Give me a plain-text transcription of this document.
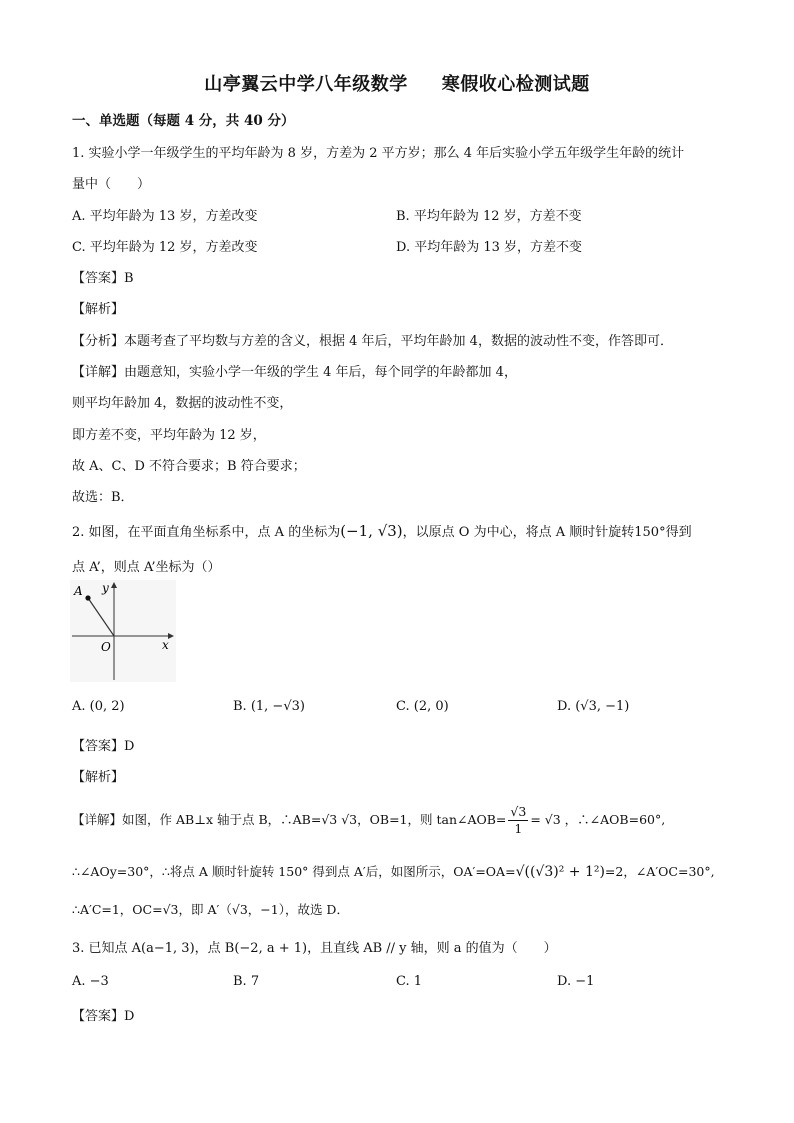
山亭翼云中学八年级数学 寒假收心检测试题
一、单选题（每题 4 分，共 40 分）
1. 实验小学一年级学生的平均年龄为 8 岁，方差为 2 平方岁；那么 4 年后实验小学五年级学生年龄的统计
量中（　　）
A. 平均年龄为 13 岁，方差改变	B. 平均年龄为 12 岁，方差不变
C. 平均年龄为 12 岁，方差改变	D. 平均年龄为 13 岁，方差不变
【答案】B
【解析】
【分析】本题考查了平均数与方差的含义，根据 4 年后，平均年龄加 4，数据的波动性不变，作答即可．
【详解】由题意知，实验小学一年级的学生 4 年后，每个同学的年龄都加 4，
则平均年龄加 4，数据的波动性不变，
即方差不变，平均年龄为 12 岁，
故 A、C、D 不符合要求；B 符合要求；
故选：B．
2. 如图，在平面直角坐标系中，点 A 的坐标为(−1, √3)，以原点 O 为中心，将点 A 顺时针旋转150°得到
点 A’，则点 A’坐标为（）
A y
O	x
A. (0, 2)	B. (1, −√3)	C. (2, 0)	D. (√3, −1)
【答案】D
【解析】
【详解】如图，作 AB⊥x 轴于点 B，∴AB=√3 √3，OB=1，则 tan∠AOB= $\frac{√3}{1} = √3$ ，∴∠AOB=60°,
∴∠AOy=30°，∴将点 A 顺时针旋转 150° 得到点 A′后，如图所示，OA′=OA=√((√3)² + 1²)=2，∠A′OC=30°,
∴A′C=1，OC=√3，即 A′（√3，−1），故选 D．
3. 已知点 A(a−1, 3)，点 B(−2, a + 1)，且直线 AB // y 轴，则 a 的值为（　　）
A. −3	B. 7	C. 1	D. −1
【答案】D
